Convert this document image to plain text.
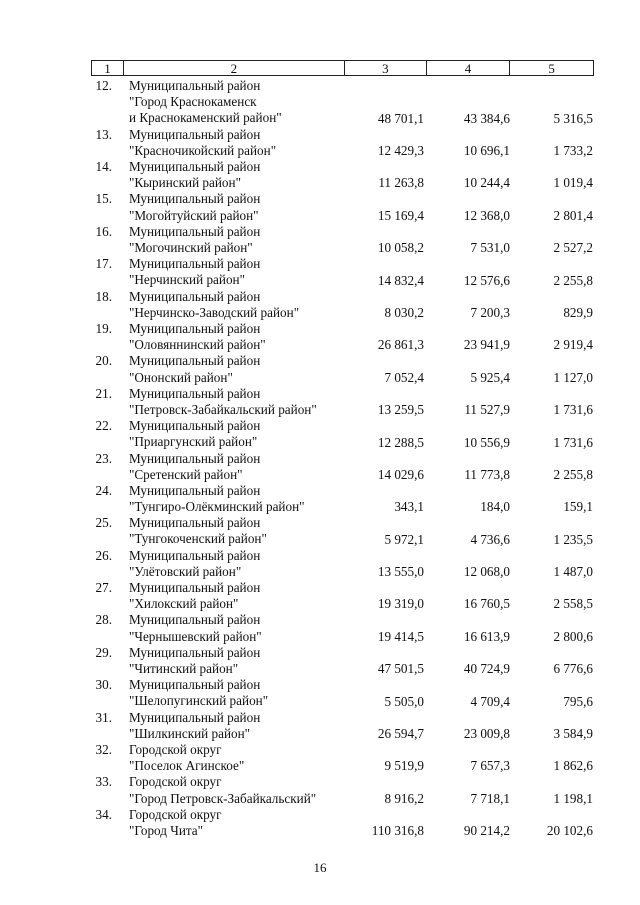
1	2	3	4	5
12. Муниципальный район
"Город Краснокаменск
и Краснокаменский район"	48 701,1	43 384,6	5 316,5
13. Муниципальный район
"Красночикойский район"	12 429,3	10 696,1	1 733,2
14. Муниципальный район
"Кыринский район"	11 263,8	10 244,4	1 019,4
15. Муниципальный район
"Могойтуйский район"	15 169,4	12 368,0	2 801,4
16. Муниципальный район
"Могочинский район"	10 058,2	7 531,0	2 527,2
17. Муниципальный район
"Нерчинский район"	14 832,4	12 576,6	2 255,8
18. Муниципальный район
"Нерчинско-Заводский район"	8 030,2	7 200,3	829,9
19. Муниципальный район
"Оловяннинский район"	26 861,3	23 941,9	2 919,4
20. Муниципальный район
"Ононский район"	7 052,4	5 925,4	1 127,0
21. Муниципальный район
"Петровск-Забайкальский район"	13 259,5	11 527,9	1 731,6
22. Муниципальный район
"Приаргунский район"	12 288,5	10 556,9	1 731,6
23. Муниципальный район
"Сретенский район"	14 029,6	11 773,8	2 255,8
24. Муниципальный район
"Тунгиро-Олёкминский район"	343,1	184,0	159,1
25. Муниципальный район
"Тунгокоченский район"	5 972,1	4 736,6	1 235,5
26. Муниципальный район
"Улётовский район"	13 555,0	12 068,0	1 487,0
27. Муниципальный район
"Хилокский район"	19 319,0	16 760,5	2 558,5
28. Муниципальный район
"Чернышевский район"	19 414,5	16 613,9	2 800,6
29. Муниципальный район
"Читинский район"	47 501,5	40 724,9	6 776,6
30. Муниципальный район
"Шелопугинский район"	5 505,0	4 709,4	795,6
31. Муниципальный район
"Шилкинский район"	26 594,7	23 009,8	3 584,9
32. Городской округ
"Поселок Агинское"	9 519,9	7 657,3	1 862,6
33. Городской округ
"Город Петровск-Забайкальский"	8 916,2	7 718,1	1 198,1
34. Городской округ
"Город Чита"	110 316,8	90 214,2	20 102,6
16
